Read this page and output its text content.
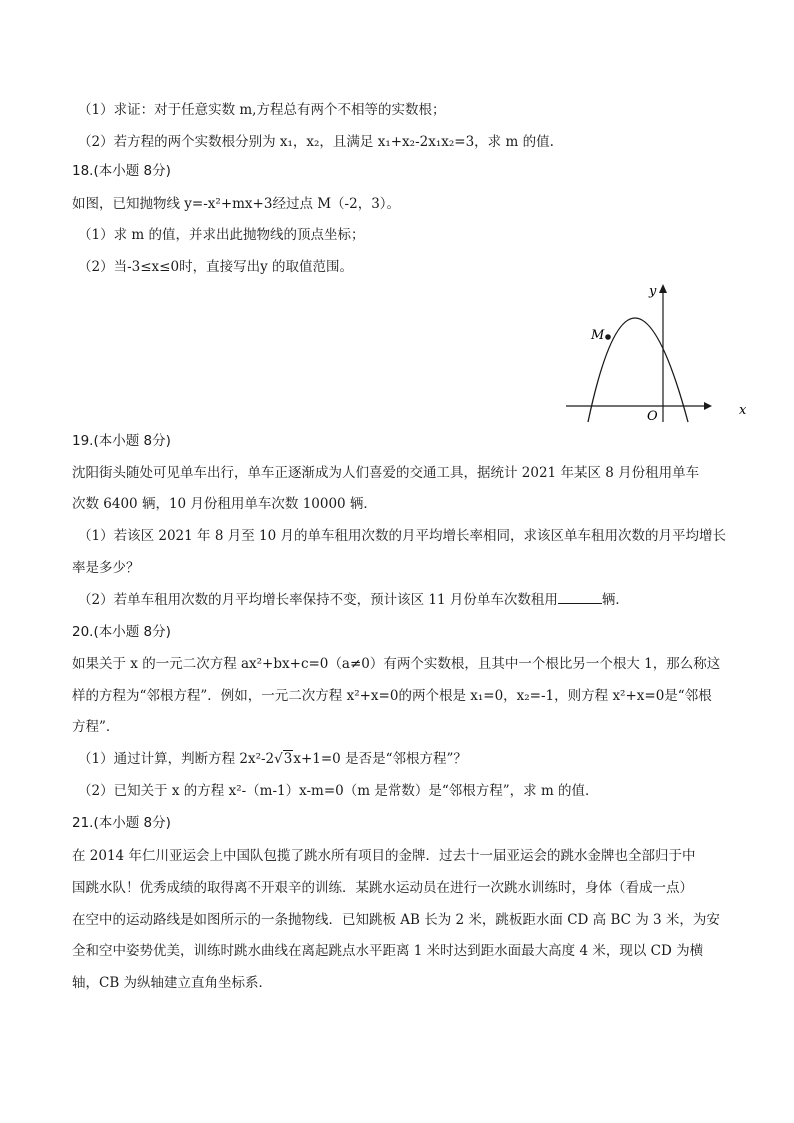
（1）求证：对于任意实数 m,方程总有两个不相等的实数根；
（2）若方程的两个实数根分别为 x₁，x₂，且满足 x₁+x₂-2x₁x₂=3，求 m 的值.
18.(本小题 8分)
如图，已知抛物线 y=-x²+mx+3经过点 M（-2，3）。
（1）求 m 的值，并求出此抛物线的顶点坐标；
（2）当-3≤x≤0时，直接写出y 的取值范围。
19.(本小题 8分)
沈阳街头随处可见单车出行，单车正逐渐成为人们喜爱的交通工具，据统计 2021 年某区 8 月份租用单车
次数 6400 辆，10 月份租用单车次数 10000 辆．
（1）若该区 2021 年 8 月至 10 月的单车租用次数的月平均增长率相同，求该区单车租用次数的月平均增长
率是多少？
（2）若单车租用次数的月平均增长率保持不变，预计该区 11 月份单车次数租用	辆．
20.(本小题 8分)
如果关于 x 的一元二次方程 ax²+bx+c=0（a≠0）有两个实数根，且其中一个根比另一个根大 1，那么称这
样的方程为“邻根方程”．例如，一元二次方程 x²+x=0的两个根是 x₁=0，x₂=-1，则方程 x²+x=0是“邻根
方程”．
（1）通过计算，判断方程 2x²-2√3x+1=0 是否是“邻根方程”？
（2）已知关于 x 的方程 x²-（m-1）x-m=0（m 是常数）是“邻根方程”，求 m 的值．
21.(本小题 8分)
在 2014 年仁川亚运会上中国队包揽了跳水所有项目的金牌．过去十一届亚运会的跳水金牌也全部归于中
国跳水队！优秀成绩的取得离不开艰辛的训练．某跳水运动员在进行一次跳水训练时，身体（看成一点）
在空中的运动路线是如图所示的一条抛物线．已知跳板 AB 长为 2 米，跳板距水面 CD 高 BC 为 3 米，为安
全和空中姿势优美，训练时跳水曲线在离起跳点水平距离 1 米时达到距水面最大高度 4 米，现以 CD 为横
轴，CB 为纵轴建立直角坐标系．
M
y
x
O
